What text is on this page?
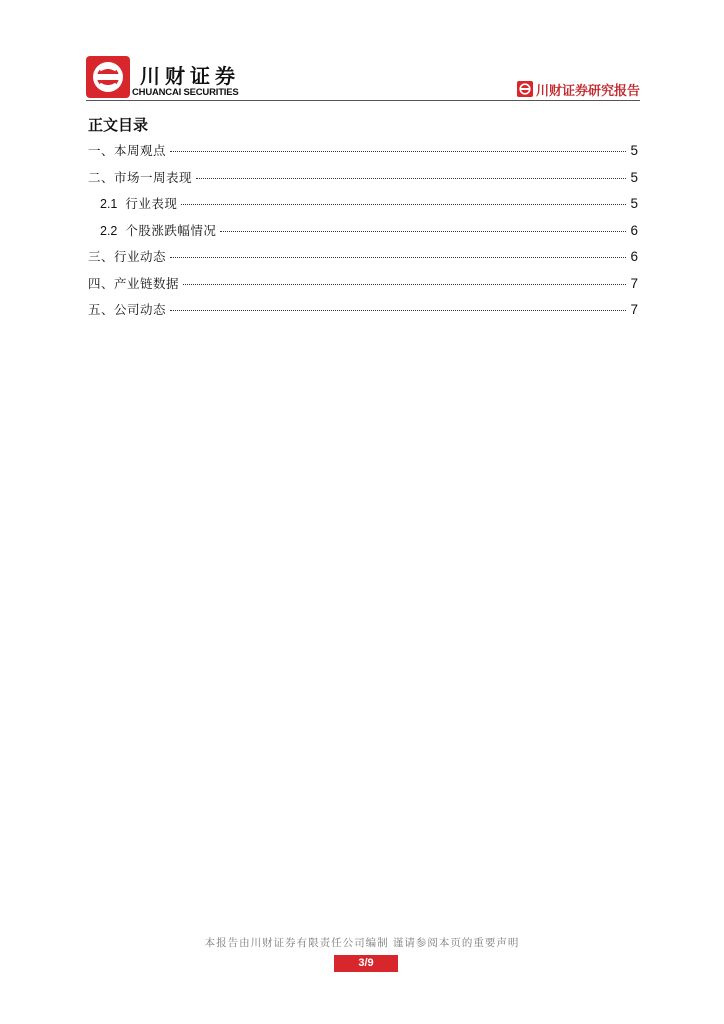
川财证券
CHUANCAI SECURITIES	川财证券研究报告
正文目录
一、本周观点	5
二、市场一周表现	5
2.1 行业表现	5
2.2 个股涨跌幅情况	6
三、行业动态	6
四、产业链数据	7
五、公司动态	7
本报告由川财证券有限责任公司编制 谨请参阅本页的重要声明
3/9
